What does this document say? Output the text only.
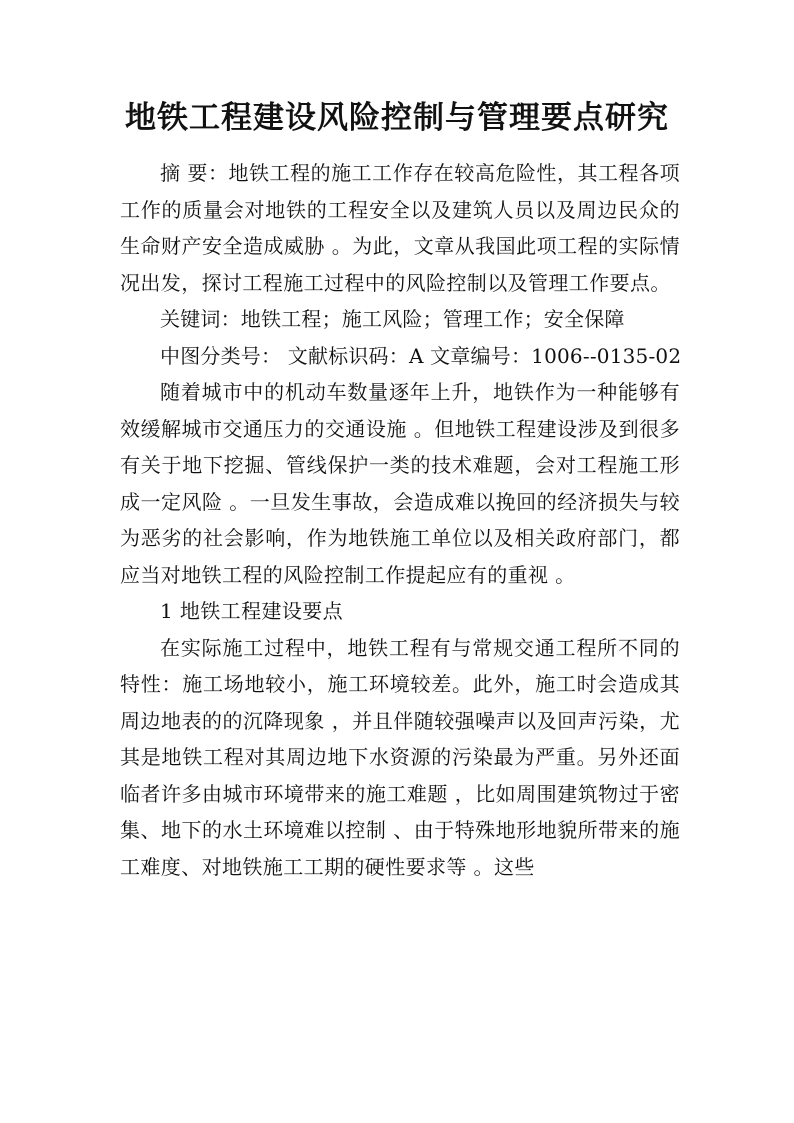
地铁工程建设风险控制与管理要点研究

摘 要：地铁工程的施工工作存在较高危险性，其工程各项工作的质量会对地铁的工程安全以及建筑人员以及周边民众的生命财产安全造成威胁 。为此，文章从我国此项工程的实际情况出发，探讨工程施工过程中的风险控制以及管理工作要点。

关键词：地铁工程；施工风险；管理工作；安全保障

中图分类号： 文献标识码：A 文章编号：1006--0135-02

随着城市中的机动车数量逐年上升，地铁作为一种能够有效缓解城市交通压力的交通设施 。但地铁工程建设涉及到很多有关于地下挖掘、管线保护一类的技术难题，会对工程施工形成一定风险 。一旦发生事故，会造成难以挽回的经济损失与较为恶劣的社会影响，作为地铁施工单位以及相关政府部门，都应当对地铁工程的风险控制工作提起应有的重视 。

1 地铁工程建设要点

在实际施工过程中，地铁工程有与常规交通工程所不同的特性：施工场地较小，施工环境较差。此外，施工时会造成其周边地表的的沉降现象 ，并且伴随较强噪声以及回声污染，尤其是地铁工程对其周边地下水资源的污染最为严重。另外还面临者许多由城市环境带来的施工难题 ，比如周围建筑物过于密集、地下的水土环境难以控制 、由于特殊地形地貌所带来的施工难度、对地铁施工工期的硬性要求等 。这些
